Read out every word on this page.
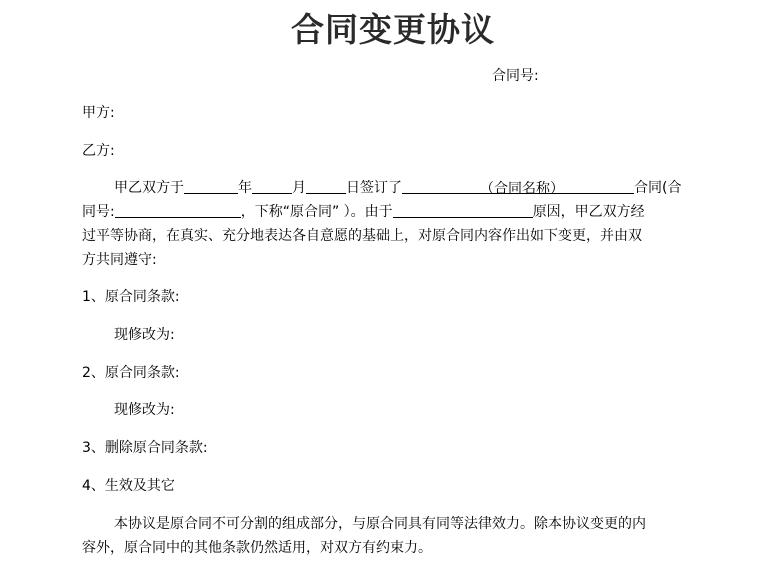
合同变更协议
合同号:
甲方:
乙方:
甲乙双方于	年	月	日签订了	（合同名称）	合同(合
同号:	，下称“原合同” ）。由于	原因，甲乙双方经
过平等协商，在真实、充分地表达各自意愿的基础上，对原合同内容作出如下变更，并由双
方共同遵守:
1、原合同条款:
现修改为:
2、原合同条款:
现修改为:
3、删除原合同条款:
4、生效及其它
本协议是原合同不可分割的组成部分，与原合同具有同等法律效力。除本协议变更的内
容外，原合同中的其他条款仍然适用，对双方有约束力。
